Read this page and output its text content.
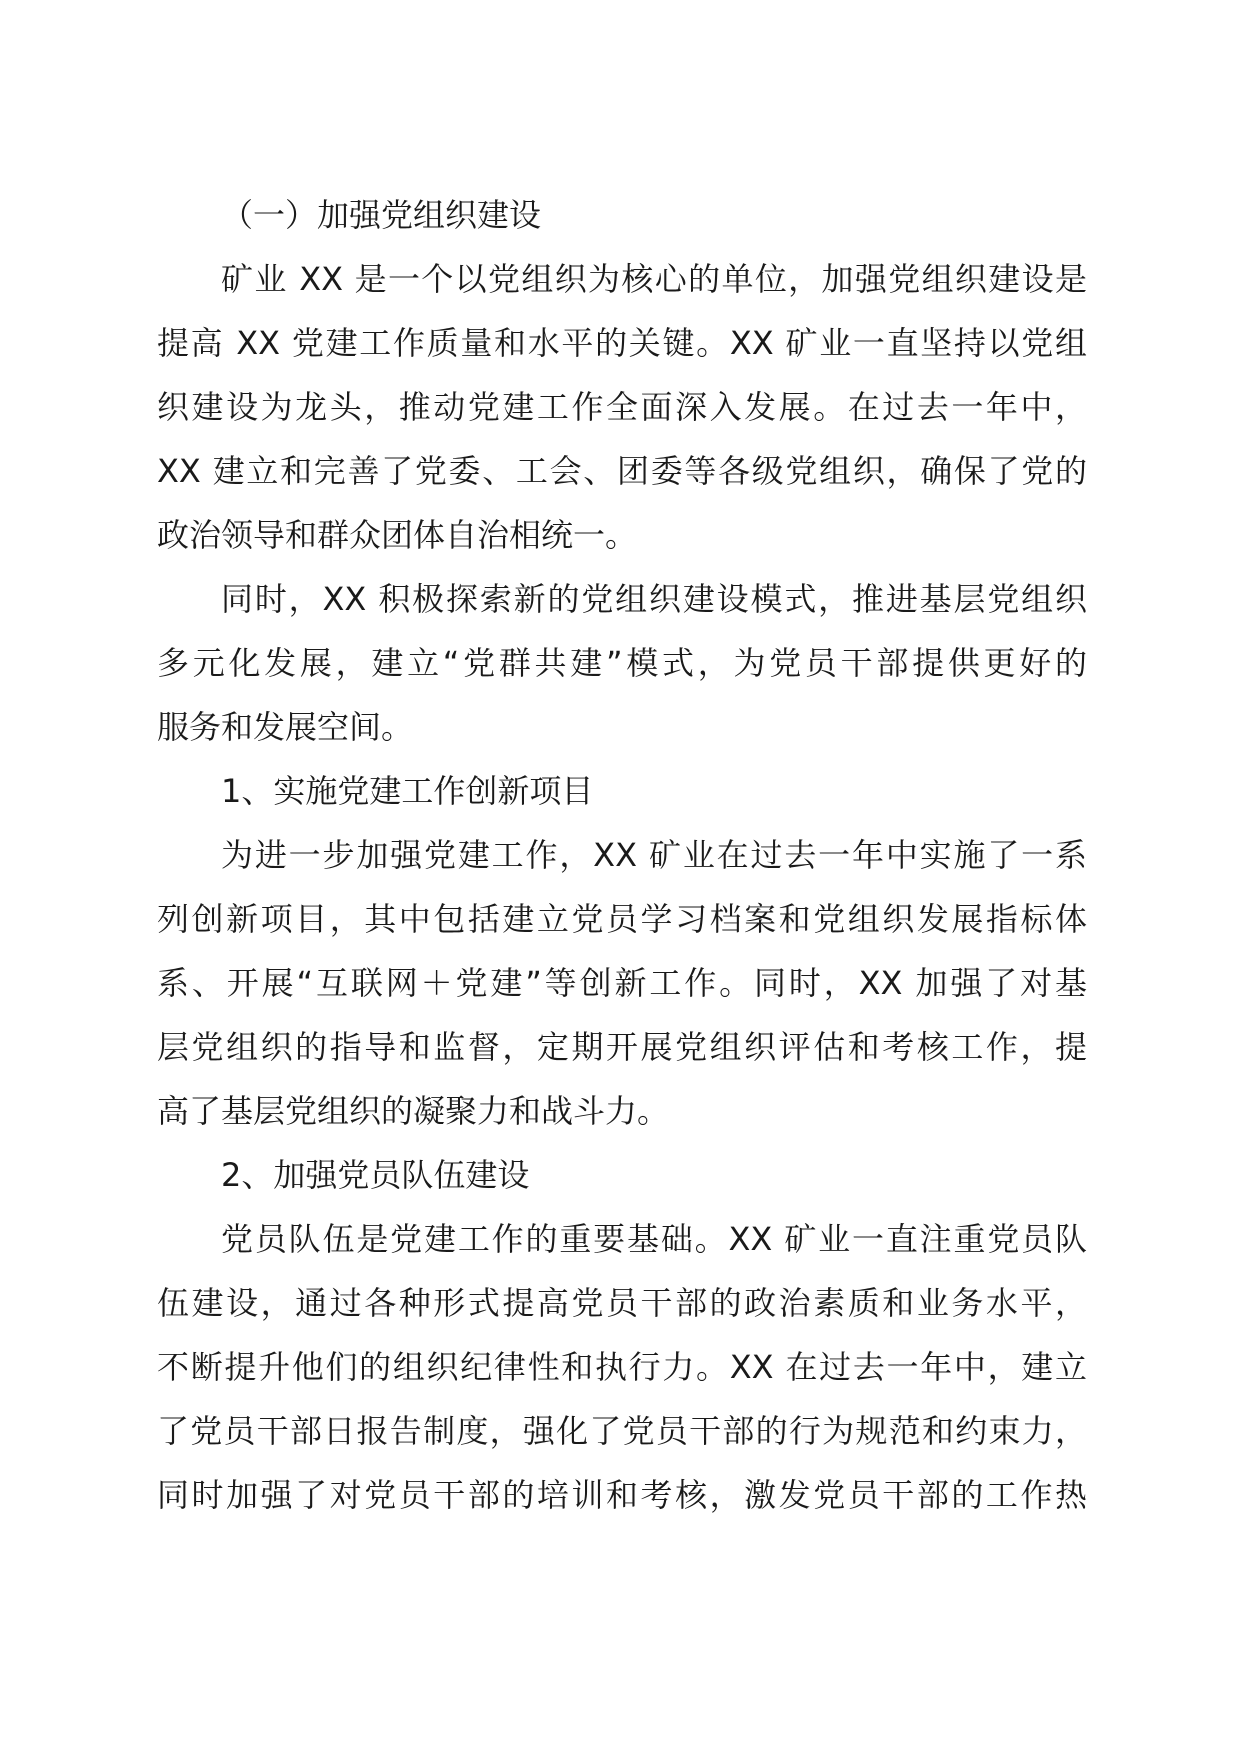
（一）加强党组织建设

矿业 XX 是一个以党组织为核心的单位，加强党组织建设是
提高 XX 党建工作质量和水平的关键。XX 矿业一直坚持以党组
织建设为龙头，推动党建工作全面深入发展。在过去一年中，
XX 建立和完善了党委、工会、团委等各级党组织，确保了党的
政治领导和群众团体自治相统一。
同时，XX 积极探索新的党组织建设模式，推进基层党组织
多元化发展，建立“党群共建”模式，为党员干部提供更好的
服务和发展空间。

1、实施党建工作创新项目

为进一步加强党建工作，XX 矿业在过去一年中实施了一系
列创新项目，其中包括建立党员学习档案和党组织发展指标体
系、开展“互联网＋党建”等创新工作。同时，XX 加强了对基
层党组织的指导和监督，定期开展党组织评估和考核工作，提
高了基层党组织的凝聚力和战斗力。

2、加强党员队伍建设

党员队伍是党建工作的重要基础。XX 矿业一直注重党员队
伍建设，通过各种形式提高党员干部的政治素质和业务水平，
不断提升他们的组织纪律性和执行力。XX 在过去一年中，建立
了党员干部日报告制度，强化了党员干部的行为规范和约束力，
同时加强了对党员干部的培训和考核，激发党员干部的工作热
